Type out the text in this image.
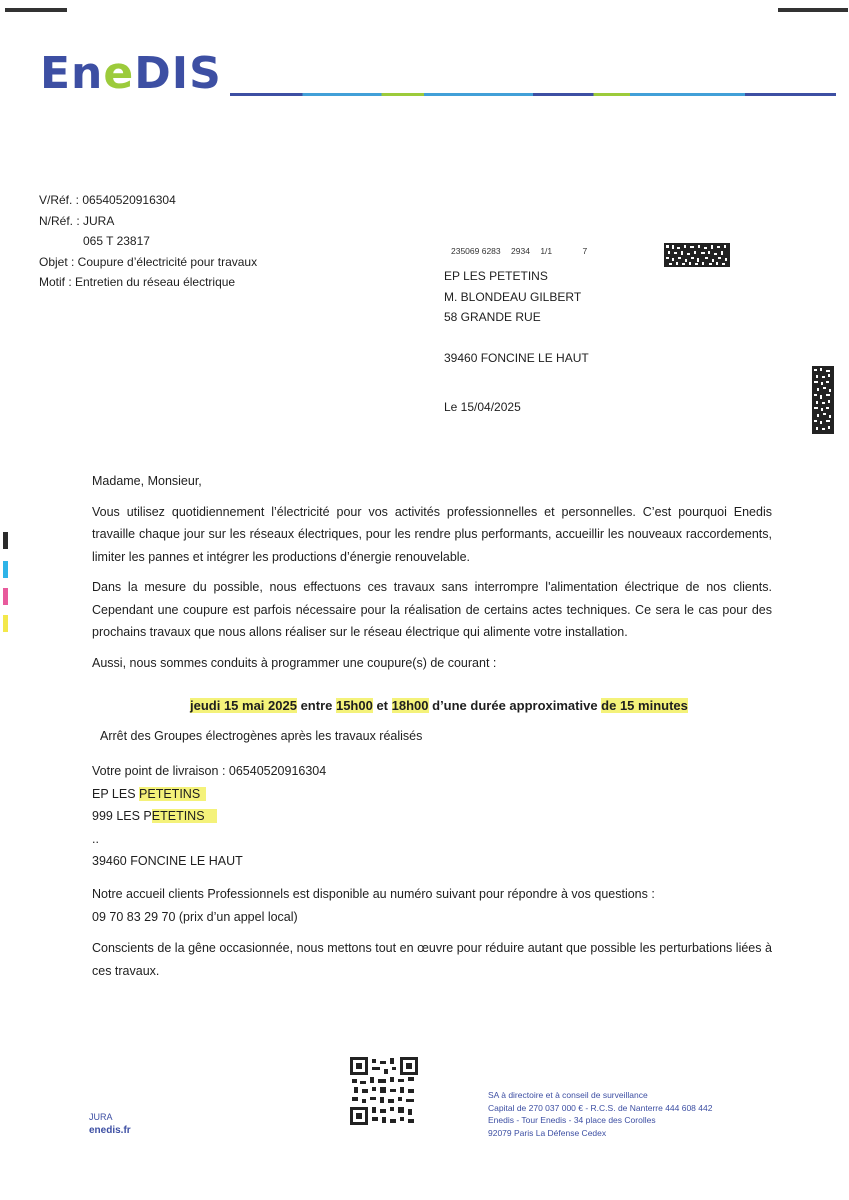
EneDIS
V/Réf. : 06540520916304
N/Réf. : JURA
065 T 23817
Objet : Coupure d’électricité pour travaux
Motif : Entretien du réseau électrique
235069 6283 2934 1/1	7
EP LES PETETINS
M. BLONDEAU GILBERT
58 GRANDE RUE
39460 FONCINE LE HAUT
Le 15/04/2025

Madame, Monsieur,

Vous utilisez quotidiennement l’électricité pour vos activités professionnelles et personnelles. C’est pourquoi Enedis travaille chaque jour sur les réseaux électriques, pour les rendre plus performants, accueillir les nouveaux raccordements, limiter les pannes et intégrer les productions d’énergie renouvelable.

Dans la mesure du possible, nous effectuons ces travaux sans interrompre l'alimentation électrique de nos clients. Cependant une coupure est parfois nécessaire pour la réalisation de certains actes techniques. Ce sera le cas pour des prochains travaux que nous allons réaliser sur le réseau électrique qui alimente votre installation.

Aussi, nous sommes conduits à programmer une coupure(s) de courant :

jeudi 15 mai 2025 entre 15h00 et 18h00 d’une durée approximative de 15 minutes
Arrêt des Groupes électrogènes après les travaux réalisés
Votre point de livraison : 06540520916304
EP LES PETETINS
999 LES PETETINS
..
39460 FONCINE LE HAUT
Notre accueil clients Professionnels est disponible au numéro suivant pour répondre à vos questions :
09 70 83 29 70 (prix d’un appel local)
Conscients de la gêne occasionnée, nous mettons tout en œuvre pour réduire autant que possible les perturbations liées à ces travaux.
JURA
enedis.fr
SA à directoire et à conseil de surveillance
Capital de 270 037 000 € - R.C.S. de Nanterre 444 608 442
Enedis - Tour Enedis - 34 place des Corolles
92079 Paris La Défense Cedex
